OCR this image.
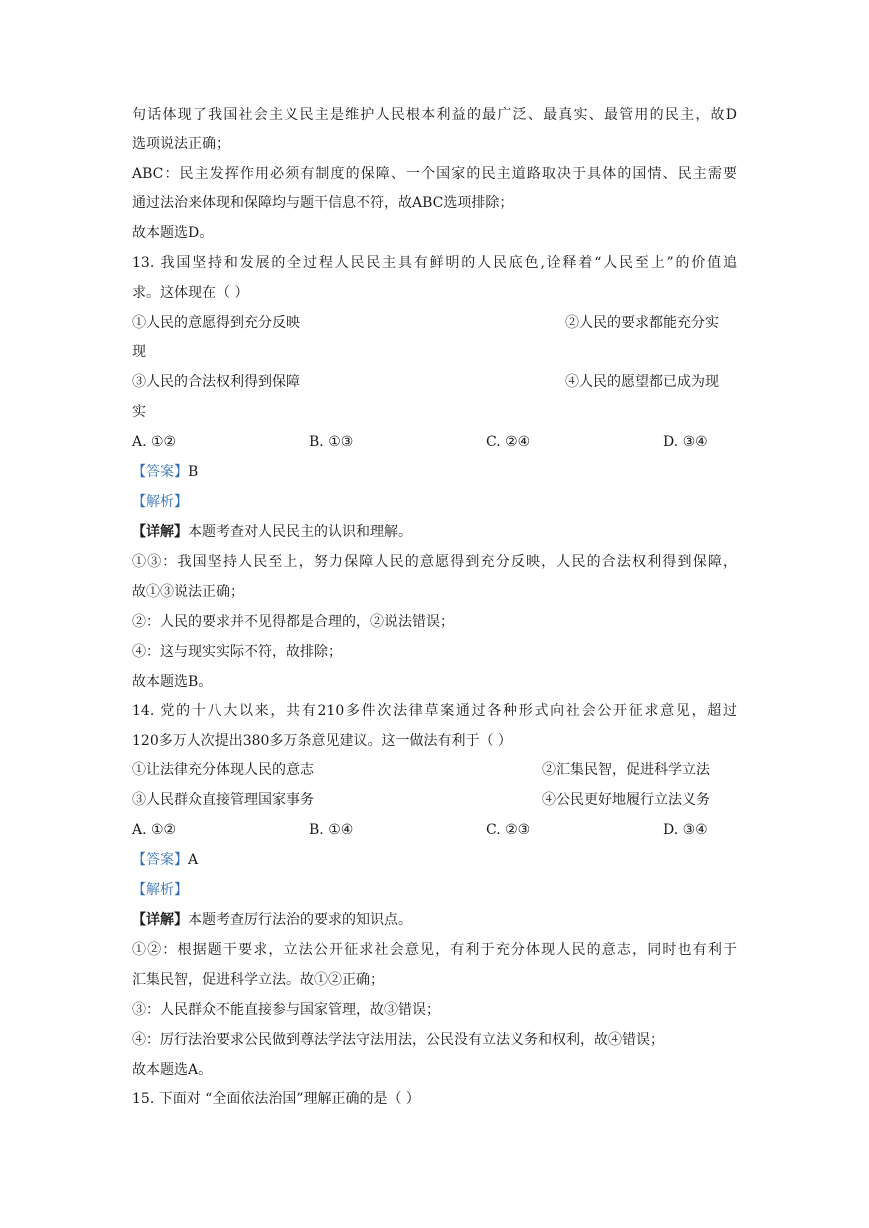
句话体现了我国社会主义民主是维护人民根本利益的最广泛、最真实、最管用的民主，故D
选项说法正确；
ABC：民主发挥作用必须有制度的保障、一个国家的民主道路取决于具体的国情、民主需要
通过法治来体现和保障均与题干信息不符，故ABC选项排除；
故本题选D。
13. 我国坚持和发展的全过程人民民主具有鲜明的人民底色,诠释着“人民至上”的价值追
求。这体现在（ ）
①人民的意愿得到充分反映	②人民的要求都能充分实
现
③人民的合法权利得到保障	④人民的愿望都已成为现
实
A. ①②	B. ①③	C. ②④	D. ③④
【答案】B
【解析】
【详解】本题考查对人民民主的认识和理解。
①③：我国坚持人民至上，努力保障人民的意愿得到充分反映，人民的合法权利得到保障，
故①③说法正确；
②：人民的要求并不见得都是合理的，②说法错误；
④：这与现实实际不符，故排除；
故本题选B。
14. 党的十八大以来，共有210多件次法律草案通过各种形式向社会公开征求意见，超过
120多万人次提出380多万条意见建议。这一做法有利于（ ）
①让法律充分体现人民的意志	②汇集民智，促进科学立法
③人民群众直接管理国家事务	④公民更好地履行立法义务
A. ①②	B. ①④	C. ②③	D. ③④
【答案】A
【解析】
【详解】本题考查厉行法治的要求的知识点。
①②：根据题干要求，立法公开征求社会意见，有利于充分体现人民的意志，同时也有利于
汇集民智，促进科学立法。故①②正确；
③：人民群众不能直接参与国家管理，故③错误；
④：厉行法治要求公民做到尊法学法守法用法，公民没有立法义务和权利，故④错误；
故本题选A。
15. 下面对 “全面依法治国”理解正确的是（ ）
